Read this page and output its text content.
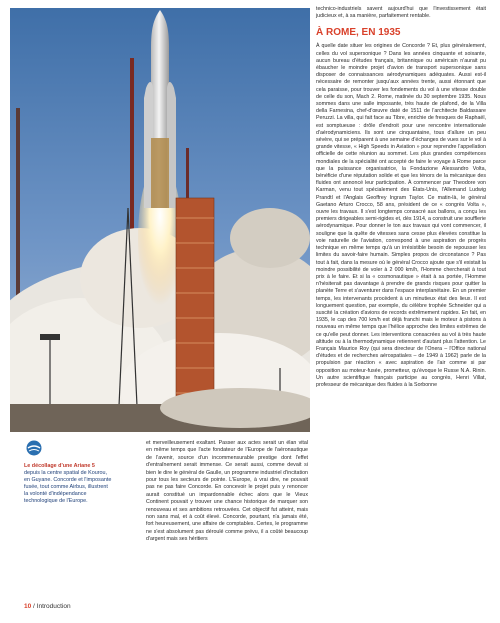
Le décollage d'une Ariane 5 depuis la centre spatial de Kourou, en Guyane. Concorde et l'imposante fusée, tout comme Airbus, illustrent la volonté d'indépendance technologique de l'Europe.
et merveilleusement exaltant. Passer aux actes serait un élan vital en même temps que l'acte fondateur de l'Europe de l'aéronautique de l'avenir, source d'un incommensurable prestige dont l'effet d'entraînement serait immense. Ce serait aussi, comme devait si bien le dire le général de Gaulle, un programme industriel d'incitation pour tous les secteurs de pointe. L'Europe, à vrai dire, ne pouvait pas ne pas faire Concorde. En concevoir le projet puis y renoncer aurait constitué un impardonnable échec alors que le Vieux Continent pouvait y trouver une chance historique de marquer son renouveau et ses ambitions retrouvées. Cet objectif fut atteint, mais non sans mal, et à coût élevé. Concorde, pourtant, n'a jamais été, fort heureusement, une affaire de comptables. Certes, le programme ne s'est absolument pas déroulé comme prévu, il a coûté beaucoup d'argent mais ses héritiers

technico-industriels savent aujourd'hui que l'investissement était judicieux et, à sa manière, parfaitement rentable.

À ROME, EN 1935

À quelle date situer les origines de Concorde ? Et, plus généralement, celles du vol supersonique ? Dans les années cinquante et soixante, aucun bureau d'études français, britannique ou américain n'aurait pu ébaucher le moindre projet d'avion de transport supersonique sans disposer de connaissances aérodynamiques adéquates. Aussi est-il nécessaire de remonter jusqu'aux années trente, aussi étonnant que cela paraisse, pour trouver les fondements du vol à une vitesse double de celle du son, Mach 2. Rome, matinée du 30 septembre 1935. Nous sommes dans une salle imposante, très haute de plafond, de la Villa della Farnesina, chef-d'œuvre daté de 1511 de l'architecte Baldassare Peruzzi. La villa, qui fait face au Tibre, enrichie de fresques de Raphaël, est somptueuse : drôle d'endroit pour une rencontre internationale d'aérodynamiciens. Ils sont une cinquantaine, tous d'allure un peu sévère, qui se préparent à une semaine d'échanges de vues sur le vol à grande vitesse, « High Speeds in Aviation » pour reprendre l'appellation officielle de cette réunion au sommet. Les plus grandes compétences mondiales de la spécialité ont accepté de faire le voyage à Rome parce que la puissance organisatrice, la Fondazione Alessandro Volta, bénéficie d'une réputation solide et que les ténors de la mécanique des fluides ont annoncé leur participation. À commencer par Theodore von Karman, venu tout spécialement des États-Unis, l'Allemand Ludwig Prandtl et l'Anglais Geoffrey Ingram Taylor. Ce matin-là, le général Gaetano Arturo Crocco, 58 ans, président de ce « congrès Volta », ouvre les travaux. Il s'est longtemps consacré aux ballons, a conçu les premiers dirigeables semi-rigides et, dès 1914, a construit une soufflerie aérodynamique. Pour donner le ton aux travaux qui vont commencer, il souligne que la quête de vitesses sans cesse plus élevées constitue la voie naturelle de l'aviation, correspond à une aspiration de progrès technique en même temps qu'à un irrésistible besoin de repousser les limites du savoir-faire humain. Simples propos de circonstance ? Pas tout à fait, dans la mesure où le général Crocco ajoute que s'il existait la moindre possibilité de voler à 2 000 km/h, l'Homme chercherait à tout prix à le faire. Et si la « cosmonautique » était à sa portée, l'Homme n'hésiterait pas davantage à prendre de grands risques pour quitter la planète Terre et s'aventurer dans l'espace interplanétaire. En un premier temps, les intervenants procèdent à un minutieux état des lieux. Il est longuement question, par exemple, du célèbre trophée Schneider qui a suscité la création d'avions de records extrêmement rapides. En fait, en 1935, le cap des 700 km/h est déjà franchi mais le moteur à pistons à nouveau en même temps que l'hélice approche des limites extrêmes de ce qu'elle peut donner. Les interventions consacrées au vol à très haute altitude ou à la thermodynamique retiennent d'autant plus l'attention. Le Français Maurice Roy (qui sera directeur de l'Onera – l'Office national d'études et de recherches aérospatiales – de 1949 à 1962) parle de la propulsion par réaction « avec aspiration de l'air comme si par opposition au moteur-fusée, prometteur, qu'évoque le Russe N.A. Rinin. Un autre scientifique français participe au congrès, Henri Villat, professeur de mécanique des fluides à la Sorbonne

10 / Introduction
